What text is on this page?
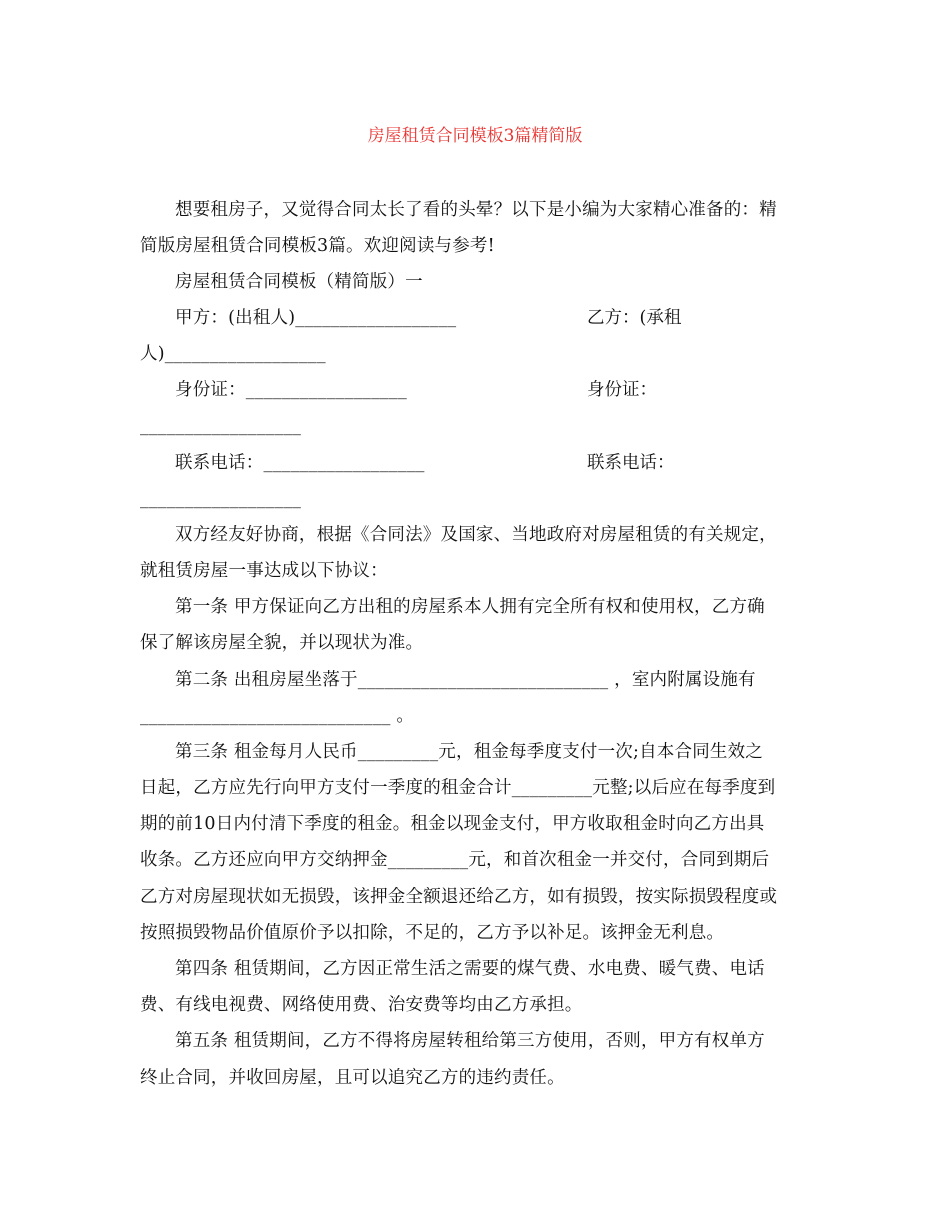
房屋租赁合同模板3篇精简版
想要租房子，又觉得合同太长了看的头晕？以下是小编为大家精心准备的：精
简版房屋租赁合同模板3篇。欢迎阅读与参考!
房屋租赁合同模板（精简版）一
甲方：(出租人)__________________	乙方：(承租
人)__________________
身份证：__________________	身份证：
__________________
联系电话：__________________	联系电话：
__________________
双方经友好协商，根据《合同法》及国家、当地政府对房屋租赁的有关规定，
就租赁房屋一事达成以下协议：
第一条 甲方保证向乙方出租的房屋系本人拥有完全所有权和使用权，乙方确
保了解该房屋全貌，并以现状为准。
第二条 出租房屋坐落于____________________________ ，室内附属设施有
____________________________ 。
第三条 租金每月人民币_________元，租金每季度支付一次;自本合同生效之
日起，乙方应先行向甲方支付一季度的租金合计_________元整;以后应在每季度到
期的前10日内付清下季度的租金。租金以现金支付，甲方收取租金时向乙方出具
收条。乙方还应向甲方交纳押金_________元，和首次租金一并交付，合同到期后
乙方对房屋现状如无损毁，该押金全额退还给乙方，如有损毁，按实际损毁程度或
按照损毁物品价值原价予以扣除，不足的，乙方予以补足。该押金无利息。
第四条 租赁期间，乙方因正常生活之需要的煤气费、水电费、暖气费、电话
费、有线电视费、网络使用费、治安费等均由乙方承担。
第五条 租赁期间，乙方不得将房屋转租给第三方使用，否则，甲方有权单方
终止合同，并收回房屋，且可以追究乙方的违约责任。
